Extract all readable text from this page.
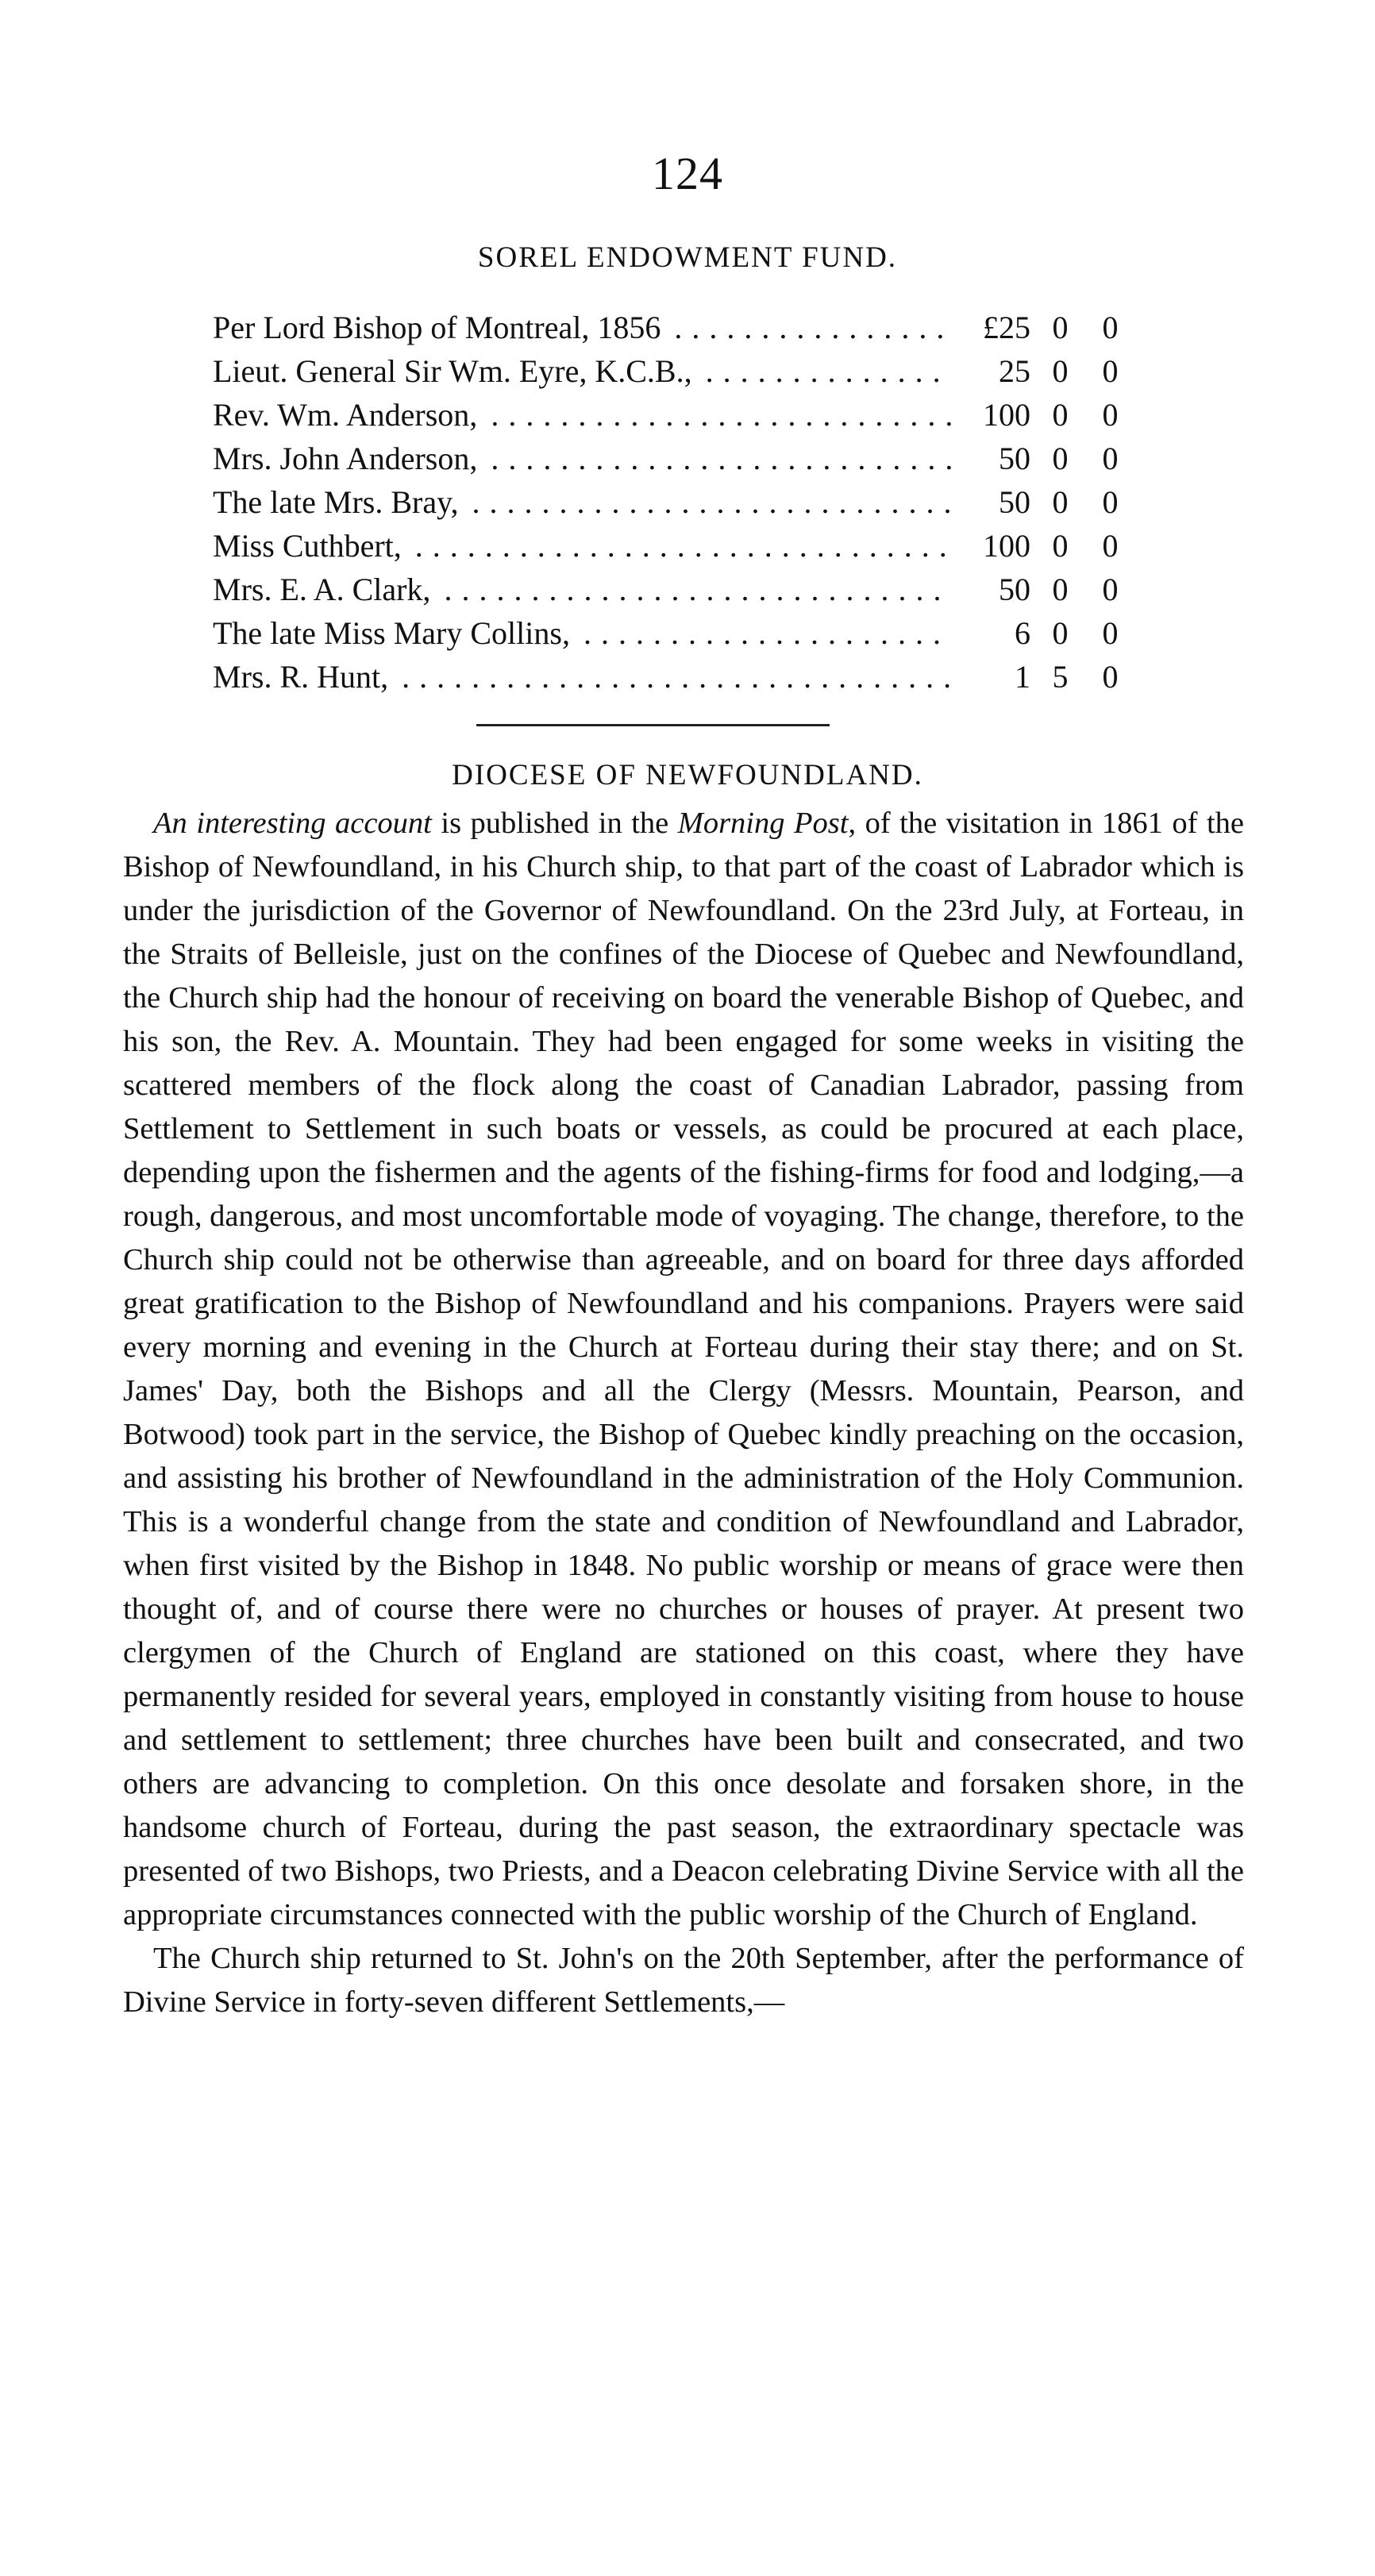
124
SOREL ENDOWMENT FUND.
Per Lord Bishop of Montreal, 1856 . . .	£25 0	0
Lieut. General Sir Wm. Eyre, K.C.B., . . .	25 0	0
Rev. Wm. Anderson, . . .	100 0	0
Mrs. John Anderson, . . .	50 0	0
The late Mrs. Bray, . . .	50 0	0
Miss Cuthbert, . . .	100 0	0
Mrs. E. A. Clark, . . .	50 0	0
The late Miss Mary Collins, . . .	6 0	0
Mrs. R. Hunt, . . .	1 5	0
DIOCESE OF NEWFOUNDLAND.

An interesting account is published in the Morning Post, of the visitation in 1861 of the Bishop of Newfoundland, in his Church ship, to that part of the coast of Labrador which is under the jurisdiction of the Governor of Newfoundland. On the 23rd July, at Forteau, in the Straits of Belleisle, just on the confines of the Diocese of Quebec and Newfoundland, the Church ship had the honour of receiving on board the venerable Bishop of Quebec, and his son, the Rev. A. Mountain. They had been engaged for some weeks in visiting the scattered members of the flock along the coast of Canadian Labrador, passing from Settlement to Settlement in such boats or vessels, as could be procured at each place, depending upon the fishermen and the agents of the fishing-firms for food and lodging,—a rough, dangerous, and most uncomfortable mode of voyaging. The change, therefore, to the Church ship could not be otherwise than agreeable, and on board for three days afforded great gratification to the Bishop of Newfoundland and his companions. Prayers were said every morning and evening in the Church at Forteau during their stay there; and on St. James' Day, both the Bishops and all the Clergy (Messrs. Mountain, Pearson, and Botwood) took part in the service, the Bishop of Quebec kindly preaching on the occasion, and assisting his brother of Newfoundland in the administration of the Holy Communion. This is a wonderful change from the state and condition of Newfoundland and Labrador, when first visited by the Bishop in 1848. No public worship or means of grace were then thought of, and of course there were no churches or houses of prayer. At present two clergymen of the Church of England are stationed on this coast, where they have permanently resided for several years, employed in constantly visiting from house to house and settlement to settlement; three churches have been built and consecrated, and two others are advancing to completion. On this once desolate and forsaken shore, in the handsome church of Forteau, during the past season, the extraordinary spectacle was presented of two Bishops, two Priests, and a Deacon celebrating Divine Service with all the appropriate circumstances connected with the public worship of the Church of England.

The Church ship returned to St. John's on the 20th September, after the performance of Divine Service in forty-seven different Settlements,—
